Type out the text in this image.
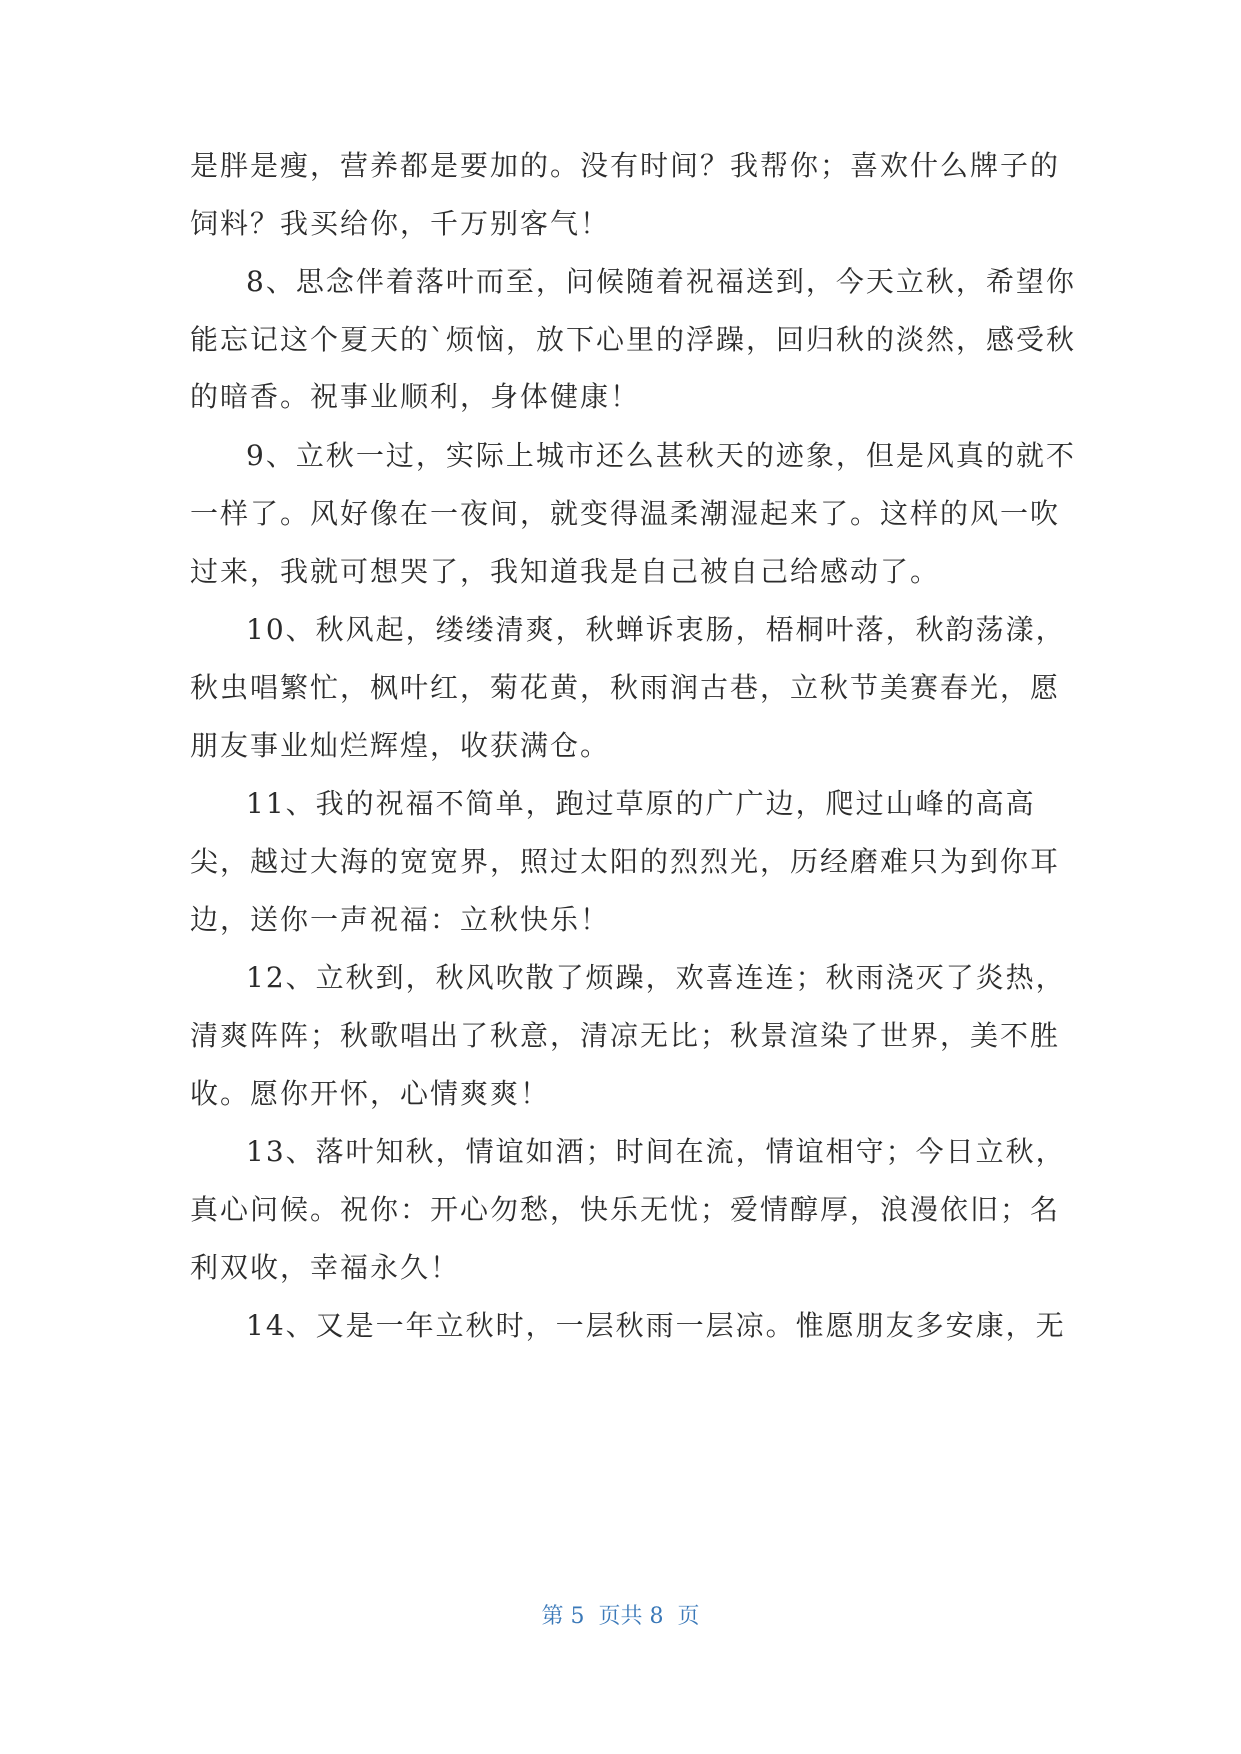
是胖是瘦，营养都是要加的。没有时间？我帮你；喜欢什么牌子的
饲料？我买给你，千万别客气！
8、思念伴着落叶而至，问候随着祝福送到，今天立秋，希望你
能忘记这个夏天的`烦恼，放下心里的浮躁，回归秋的淡然，感受秋
的暗香。祝事业顺利，身体健康！
9、立秋一过，实际上城市还么甚秋天的迹象，但是风真的就不
一样了。风好像在一夜间，就变得温柔潮湿起来了。这样的风一吹
过来，我就可想哭了，我知道我是自己被自己给感动了。
10、秋风起，缕缕清爽，秋蝉诉衷肠，梧桐叶落，秋韵荡漾，
秋虫唱繁忙，枫叶红，菊花黄，秋雨润古巷，立秋节美赛春光，愿
朋友事业灿烂辉煌，收获满仓。
11、我的祝福不简单，跑过草原的广广边，爬过山峰的高高
尖，越过大海的宽宽界，照过太阳的烈烈光，历经磨难只为到你耳
边，送你一声祝福：立秋快乐！
12、立秋到，秋风吹散了烦躁，欢喜连连；秋雨浇灭了炎热，
清爽阵阵；秋歌唱出了秋意，清凉无比；秋景渲染了世界，美不胜
收。愿你开怀，心情爽爽！
13、落叶知秋，情谊如酒；时间在流，情谊相守；今日立秋，
真心问候。祝你：开心勿愁，快乐无忧；爱情醇厚，浪漫依旧；名
利双收，幸福永久！
14、又是一年立秋时，一层秋雨一层凉。惟愿朋友多安康，无
第 5  页共 8  页
